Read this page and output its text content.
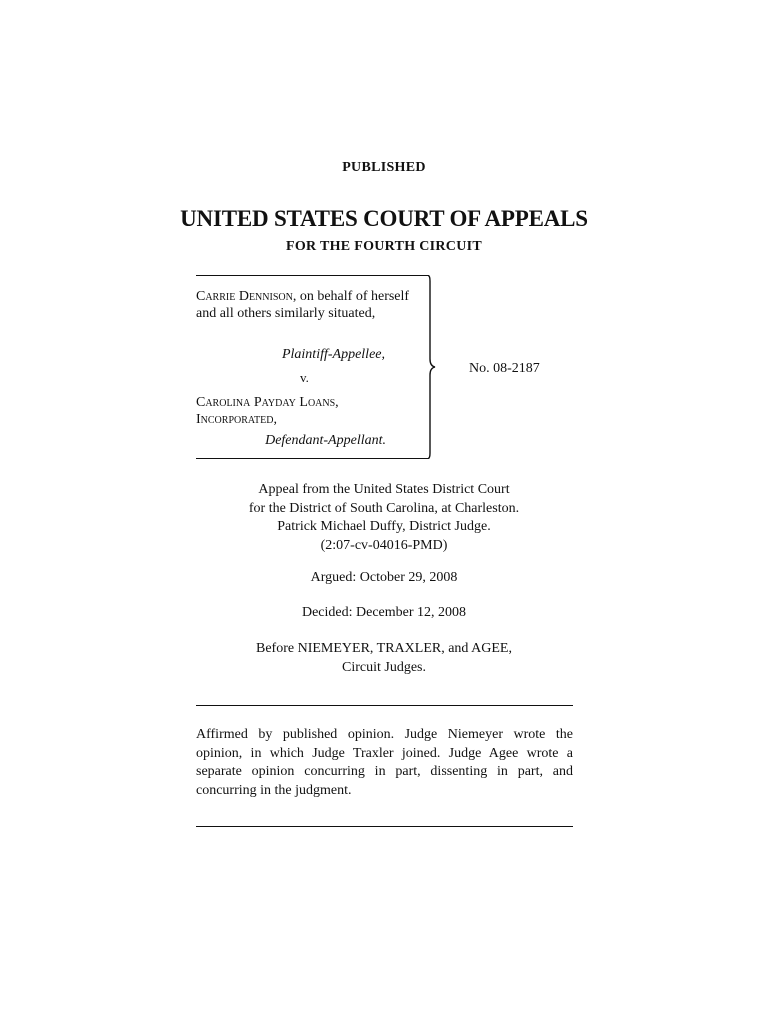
PUBLISHED
UNITED STATES COURT OF APPEALS
FOR THE FOURTH CIRCUIT
Carrie Dennison, on behalf of herself and all others similarly situated,
Plaintiff-Appellee,
v.
Carolina Payday Loans, Incorporated,
Defendant-Appellant.
No. 08-2187
Appeal from the United States District Court
for the District of South Carolina, at Charleston.
Patrick Michael Duffy, District Judge.
(2:07-cv-04016-PMD)
Argued: October 29, 2008
Decided: December 12, 2008
Before NIEMEYER, TRAXLER, and AGEE,
Circuit Judges.
Affirmed by published opinion. Judge Niemeyer wrote the opinion, in which Judge Traxler joined. Judge Agee wrote a separate opinion concurring in part, dissenting in part, and concurring in the judgment.
